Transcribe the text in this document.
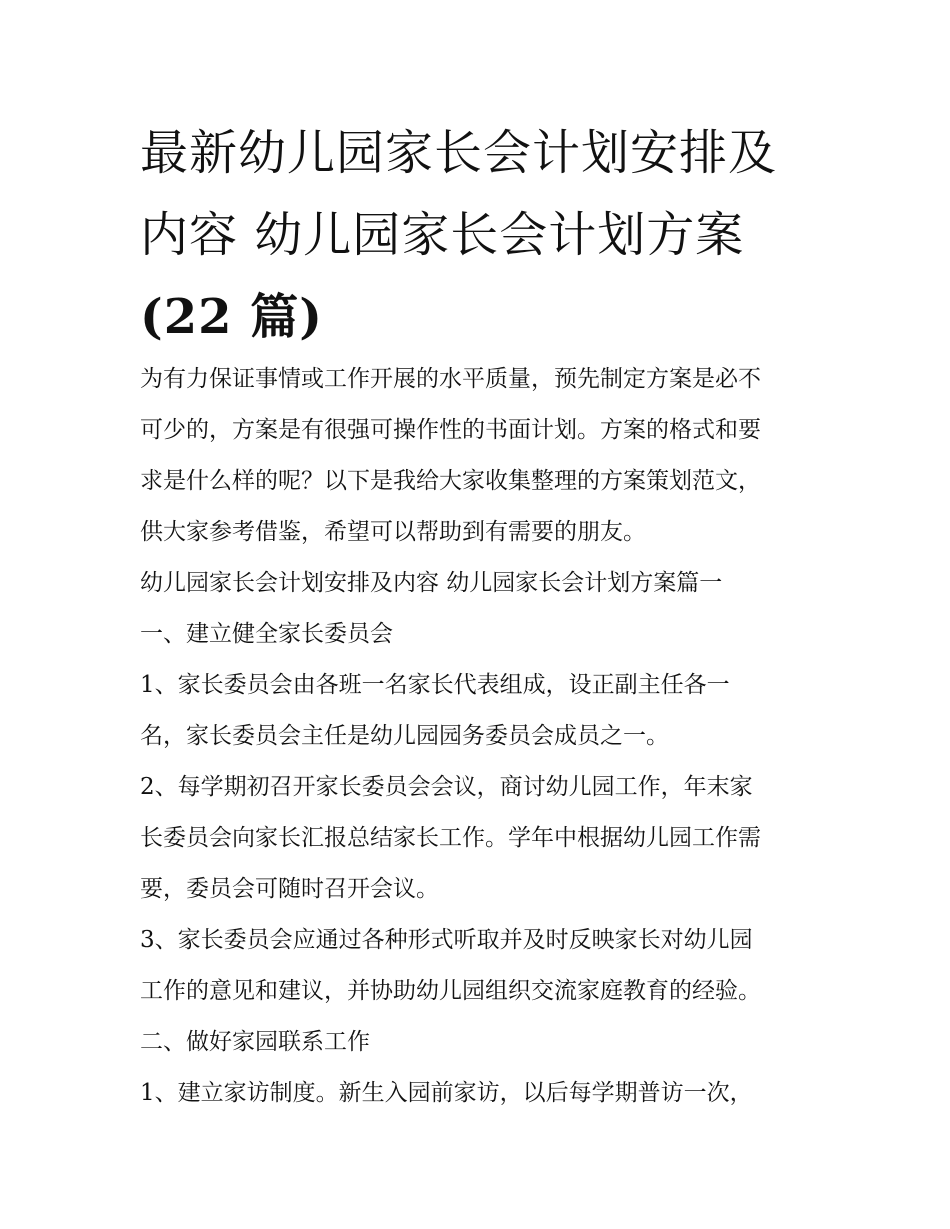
最新幼儿园家长会计划安排及
内容 幼儿园家长会计划方案
(22 篇)
为有力保证事情或工作开展的水平质量，预先制定方案是必不
可少的，方案是有很强可操作性的书面计划。方案的格式和要
求是什么样的呢？以下是我给大家收集整理的方案策划范文，
供大家参考借鉴，希望可以帮助到有需要的朋友。
幼儿园家长会计划安排及内容 幼儿园家长会计划方案篇一
一、建立健全家长委员会
1、家长委员会由各班一名家长代表组成，设正副主任各一
名，家长委员会主任是幼儿园园务委员会成员之一。
2、每学期初召开家长委员会会议，商讨幼儿园工作，年末家
长委员会向家长汇报总结家长工作。学年中根据幼儿园工作需
要，委员会可随时召开会议。
3、家长委员会应通过各种形式听取并及时反映家长对幼儿园
工作的意见和建议，并协助幼儿园组织交流家庭教育的经验。
二、做好家园联系工作
1、建立家访制度。新生入园前家访，以后每学期普访一次，
